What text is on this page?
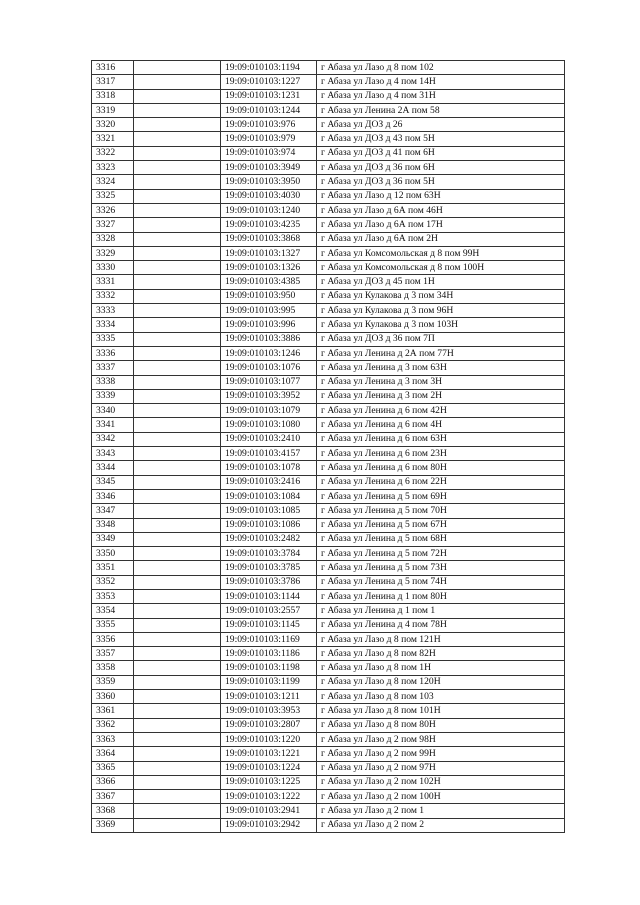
3316		19:09:010103:1194	г Абаза ул Лазо д 8 пом 102
3317		19:09:010103:1227	г Абаза ул Лазо д 4 пом 14Н
3318		19:09:010103:1231	г Абаза ул Лазо д 4 пом 31Н
3319		19:09:010103:1244	г Абаза ул Ленина 2А пом 58
3320		19:09:010103:976	г Абаза ул ДОЗ д 26
3321		19:09:010103:979	г Абаза ул ДОЗ д 43 пом 5Н
3322		19:09:010103:974	г Абаза ул ДОЗ д 41 пом 6Н
3323		19:09:010103:3949	г Абаза ул ДОЗ д 36 пом 6Н
3324		19:09:010103:3950	г Абаза ул ДОЗ д 36 пом 5Н
3325		19:09:010103:4030	г Абаза ул Лазо д 12 пом 63Н
3326		19:09:010103:1240	г Абаза ул Лазо д 6А пом 46Н
3327		19:09:010103:4235	г Абаза ул Лазо д 6А пом 17Н
3328		19:09:010103:3868	г Абаза ул Лазо д 6А пом 2Н
3329		19:09:010103:1327	г Абаза ул Комсомольская д 8 пом 99Н
3330		19:09:010103:1326	г Абаза ул Комсомольская д 8 пом 100Н
3331		19:09:010103:4385	г Абаза ул ДОЗ д 45 пом 1Н
3332		19:09:010103:950	г Абаза ул Кулакова д 3 пом 34Н
3333		19:09:010103:995	г Абаза ул Кулакова д 3 пом 96Н
3334		19:09:010103:996	г Абаза ул Кулакова д 3 пом 103Н
3335		19:09:010103:3886	г Абаза ул ДОЗ д 36 пом 7П
3336		19:09:010103:1246	г Абаза ул Ленина д 2А пом 77Н
3337		19:09:010103:1076	г Абаза ул Ленина д 3 пом 63Н
3338		19:09:010103:1077	г Абаза ул Ленина д 3 пом 3Н
3339		19:09:010103:3952	г Абаза ул Ленина д 3 пом 2Н
3340		19:09:010103:1079	г Абаза ул Ленина д 6 пом 42Н
3341		19:09:010103:1080	г Абаза ул Ленина д 6 пом 4Н
3342		19:09:010103:2410	г Абаза ул Ленина д 6 пом 63Н
3343		19:09:010103:4157	г Абаза ул Ленина д 6 пом 23Н
3344		19:09:010103:1078	г Абаза ул Ленина д 6 пом 80Н
3345		19:09:010103:2416	г Абаза ул Ленина д 6 пом 22Н
3346		19:09:010103:1084	г Абаза ул Ленина д 5 пом 69Н
3347		19:09:010103:1085	г Абаза ул Ленина д 5 пом 70Н
3348		19:09:010103:1086	г Абаза ул Ленина д 5 пом 67Н
3349		19:09:010103:2482	г Абаза ул Ленина д 5 пом 68Н
3350		19:09:010103:3784	г Абаза ул Ленина д 5 пом 72Н
3351		19:09:010103:3785	г Абаза ул Ленина д 5 пом 73Н
3352		19:09:010103:3786	г Абаза ул Ленина д 5 пом 74Н
3353		19:09:010103:1144	г Абаза ул Ленина д 1 пом 80Н
3354		19:09:010103:2557	г Абаза ул Ленина д 1 пом 1
3355		19:09:010103:1145	г Абаза ул Ленина д 4 пом 78Н
3356		19:09:010103:1169	г Абаза ул Лазо д 8 пом 121Н
3357		19:09:010103:1186	г Абаза ул Лазо д 8 пом 82Н
3358		19:09:010103:1198	г Абаза ул Лазо д 8 пом 1Н
3359		19:09:010103:1199	г Абаза ул Лазо д 8 пом 120Н
3360		19:09:010103:1211	г Абаза ул Лазо д 8 пом 103
3361		19:09:010103:3953	г Абаза ул Лазо д 8 пом 101Н
3362		19:09:010103:2807	г Абаза ул Лазо д 8 пом 80Н
3363		19:09:010103:1220	г Абаза ул Лазо д 2 пом 98Н
3364		19:09:010103:1221	г Абаза ул Лазо д 2 пом 99Н
3365		19:09:010103:1224	г Абаза ул Лазо д 2 пом 97Н
3366		19:09:010103:1225	г Абаза ул Лазо д 2 пом 102Н
3367		19:09:010103:1222	г Абаза ул Лазо д 2 пом 100Н
3368		19:09:010103:2941	г Абаза ул Лазо д 2 пом 1
3369		19:09:010103:2942	г Абаза ул Лазо д 2 пом 2
